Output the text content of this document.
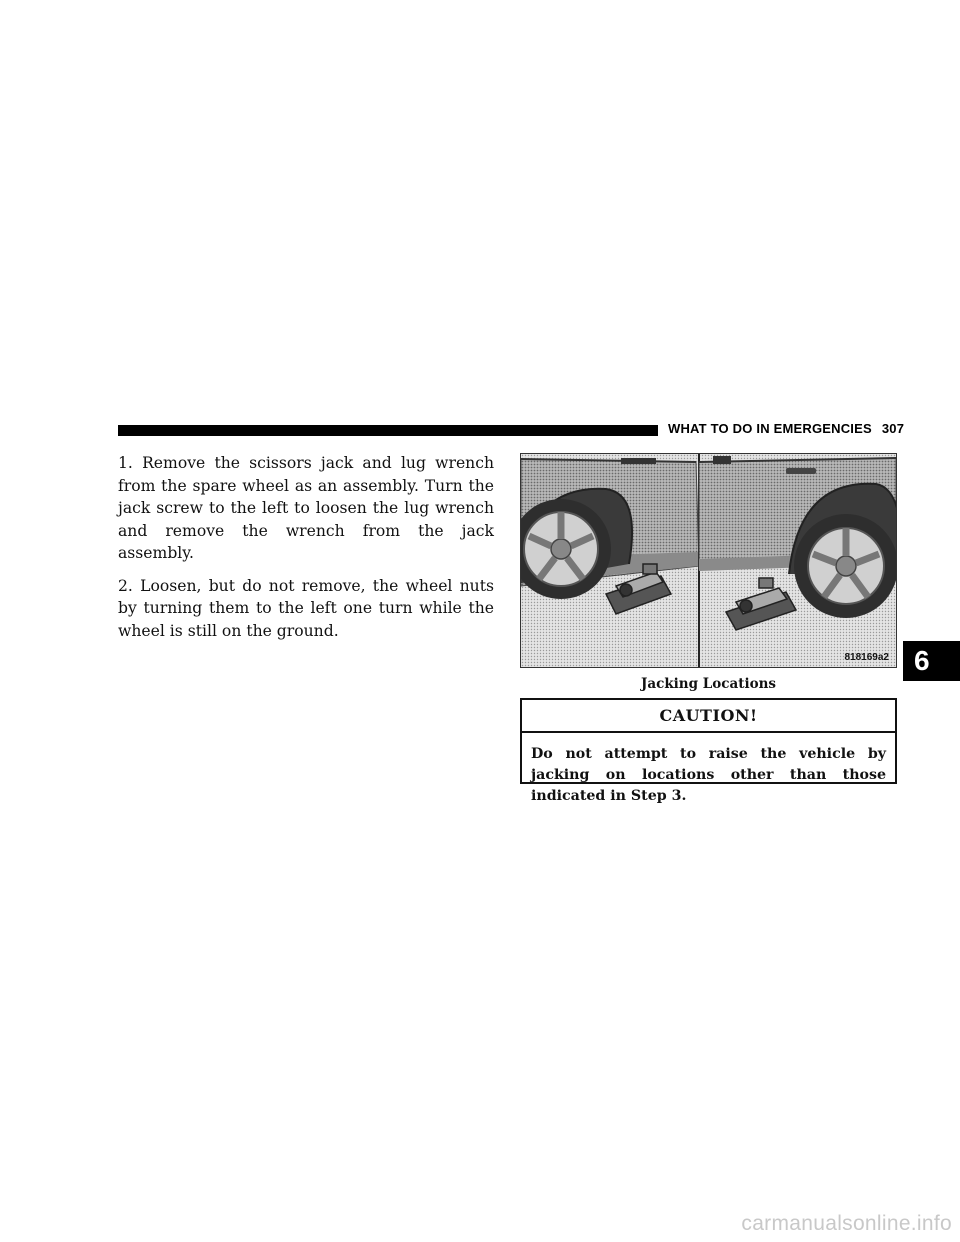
WHAT TO DO IN EMERGENCIES 307

1. Remove the scissors jack and lug wrench from the spare wheel as an assembly. Turn the jack screw to the left to loosen the lug wrench and remove the wrench from the jack assembly.

2. Loosen, but do not remove, the wheel nuts by turning them to the left one turn while the wheel is still on the ground.

818169a2
Jacking Locations
CAUTION!
Do not attempt to raise the vehicle by jacking on locations other than those indicated in Step 3.
6
carmanualsonline.info
